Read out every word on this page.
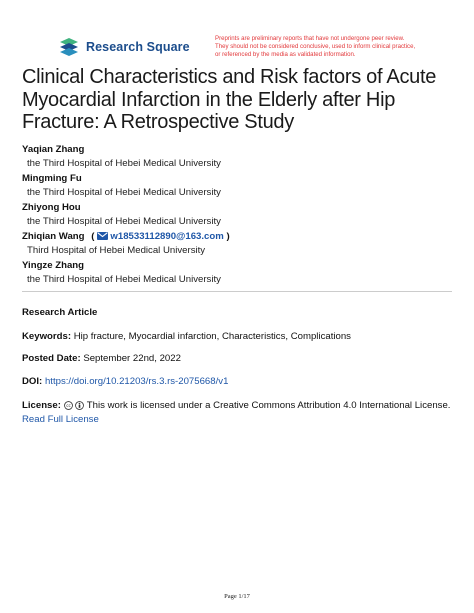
Research Square
Preprints are preliminary reports that have not undergone peer review.
They should not be considered conclusive, used to inform clinical practice,
or referenced by the media as validated information.
Clinical Characteristics and Risk factors of Acute
Myocardial Infarction in the Elderly after Hip
Fracture: A Retrospective Study
Yaqian Zhang
the Third Hospital of Hebei Medical University
Mingming Fu
the Third Hospital of Hebei Medical University
Zhiyong Hou
the Third Hospital of Hebei Medical University
Zhiqian Wang ( w18533112890@163.com )
Third Hospital of Hebei Medical University
Yingze Zhang
the Third Hospital of Hebei Medical University
Research Article
Keywords: Hip fracture, Myocardial infarction, Characteristics, Complications
Posted Date: September 22nd, 2022
DOI: https://doi.org/10.21203/rs.3.rs-2075668/v1
License: cc This work is licensed under a Creative Commons Attribution 4.0 International License.
Read Full License
Page 1/17
